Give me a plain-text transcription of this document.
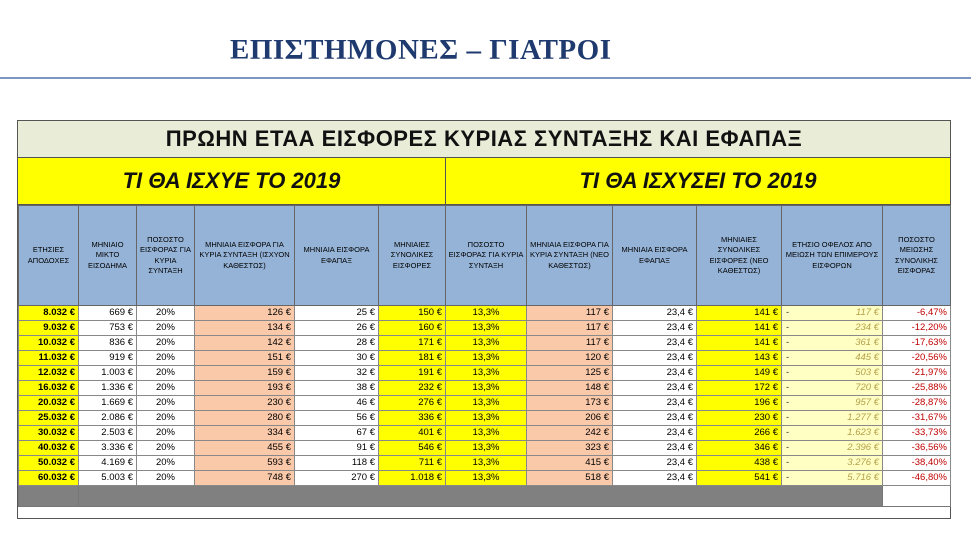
ΕΠΙΣΤΗΜΟΝΕΣ – ΓΙΑΤΡΟΙ
ΠΡΩΗΝ ΕΤΑΑ ΕΙΣΦΟΡΕΣ ΚΥΡΙΑΣ ΣΥΝΤΑΞΗΣ ΚΑΙ ΕΦΑΠΑΞ
ΤΙ ΘΑ ΙΣΧΥΕ ΤΟ 2019	ΤΙ ΘΑ ΙΣΧΥΣΕΙ ΤΟ 2019
ΕΤΗΣΙΕΣ ΑΠΟΔΟΧΕΣ	ΜΗΝΙΑΙΟ ΜΙΚΤΟ ΕΙΣΟΔΗΜΑ	ΠΟΣΟΣΤΟ ΕΙΣΦΟΡΑΣ ΓΙΑ ΚΥΡΙΑ ΣΥΝΤΑΞΗ	ΜΗΝΙΑΙΑ ΕΙΣΦΟΡΑ ΓΙΑ ΚΥΡΙΑ ΣΥΝΤΑΞΗ (ΙΣΧΥΟΝ ΚΑΘΕΣΤΩΣ)	ΜΗΝΙΑΙΑ ΕΙΣΦΟΡΑ ΕΦΑΠΑΞ	ΜΗΝΙΑΙΕΣ ΣΥΝΟΛΙΚΕΣ ΕΙΣΦΟΡΕΣ	ΠΟΣΟΣΤΟ ΕΙΣΦΟΡΑΣ ΓΙΑ ΚΥΡΙΑ ΣΥΝΤΑΞΗ	ΜΗΝΙΑΙΑ ΕΙΣΦΟΡΑ ΓΙΑ ΚΥΡΙΑ ΣΥΝΤΑΞΗ (ΝΕΟ ΚΑΘΕΣΤΩΣ)	ΜΗΝΙΑΙΑ ΕΙΣΦΟΡΑ ΕΦΑΠΑΞ	ΜΗΝΙΑΙΕΣ ΣΥΝΟΛΙΚΕΣ ΕΙΣΦΟΡΕΣ (ΝΕΟ ΚΑΘΕΣΤΩΣ)	ΕΤΗΣΙΟ ΟΦΕΛΟΣ ΑΠΟ ΜΕΙΩΣΗ ΤΩΝ ΕΠΙΜΕΡΟΥΣ ΕΙΣΦΟΡΩΝ	ΠΟΣΟΣΤΟ ΜΕΙΩΣΗΣ ΣΥΝΟΛΙΚΗΣ ΕΙΣΦΟΡΑΣ
8.032 €	669 €	20%	126 €	25 €	150 €	13,3%	117 €	23,4 €	141 €	- 117 €	-6,47%
9.032 €	753 €	20%	134 €	26 €	160 €	13,3%	117 €	23,4 €	141 €	- 234 €	-12,20%
10.032 €	836 €	20%	142 €	28 €	171 €	13,3%	117 €	23,4 €	141 €	- 361 €	-17,63%
11.032 €	919 €	20%	151 €	30 €	181 €	13,3%	120 €	23,4 €	143 €	- 445 €	-20,56%
12.032 €	1.003 €	20%	159 €	32 €	191 €	13,3%	125 €	23,4 €	149 €	- 503 €	-21,97%
16.032 €	1.336 €	20%	193 €	38 €	232 €	13,3%	148 €	23,4 €	172 €	- 720 €	-25,88%
20.032 €	1.669 €	20%	230 €	46 €	276 €	13,3%	173 €	23,4 €	196 €	- 957 €	-28,87%
25.032 €	2.086 €	20%	280 €	56 €	336 €	13,3%	206 €	23,4 €	230 €	- 1.277 €	-31,67%
30.032 €	2.503 €	20%	334 €	67 €	401 €	13,3%	242 €	23,4 €	266 €	- 1.623 €	-33,73%
40.032 €	3.336 €	20%	455 €	91 €	546 €	13,3%	323 €	23,4 €	346 €	- 2.396 €	-36,56%
50.032 €	4.169 €	20%	593 €	118 €	711 €	13,3%	415 €	23,4 €	438 €	- 3.276 €	-38,40%
60.032 €	5.003 €	20%	748 €	270 €	1.018 €	13,3%	518 €	23,4 €	541 €	- 5.716 €	-46,80%
